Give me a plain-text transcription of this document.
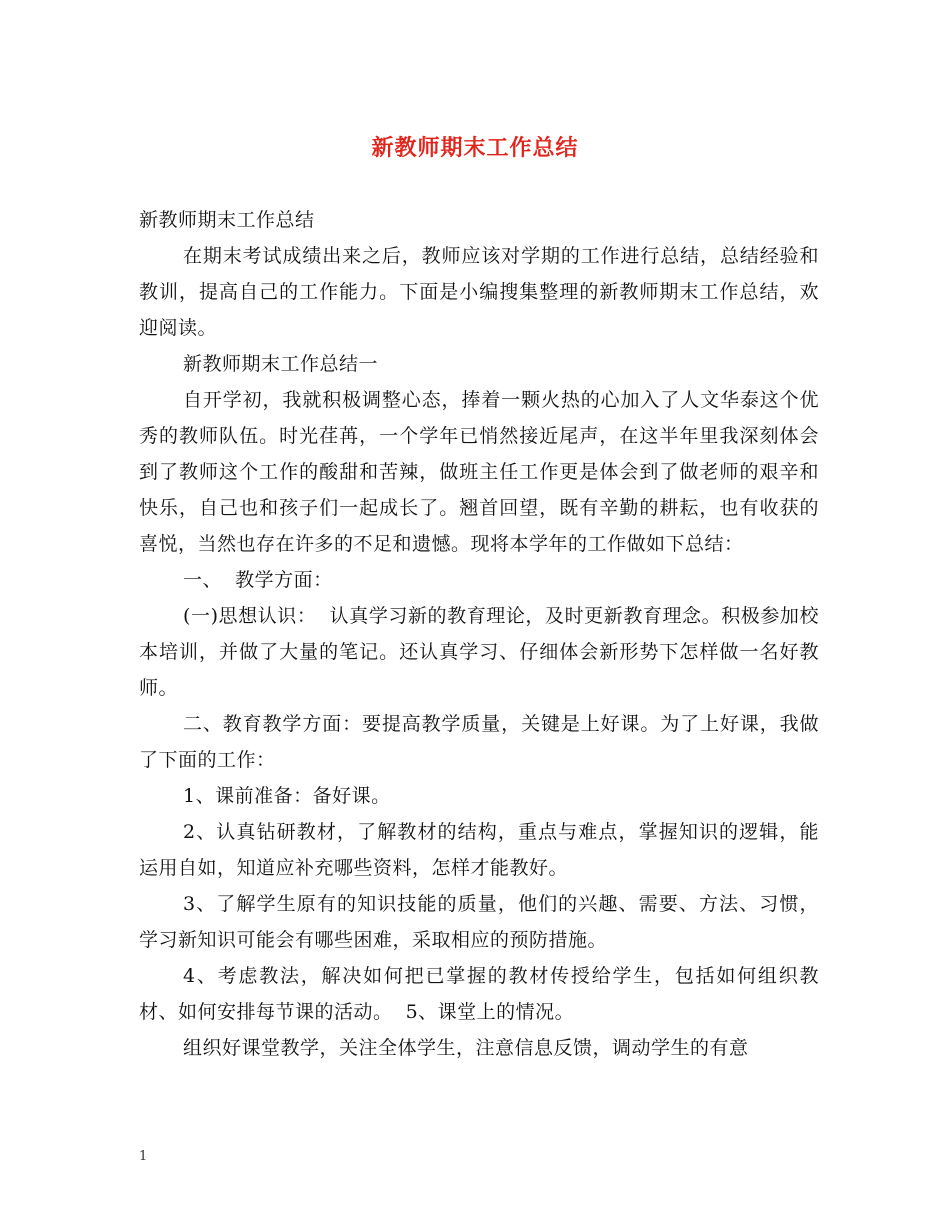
新教师期末工作总结

新教师期末工作总结

在期末考试成绩出来之后，教师应该对学期的工作进行总结，总结经验和教训，提高自己的工作能力。下面是小编搜集整理的新教师期末工作总结，欢迎阅读。

新教师期末工作总结一

自开学初，我就积极调整心态，捧着一颗火热的心加入了人文华泰这个优秀的教师队伍。时光荏苒，一个学年已悄然接近尾声，在这半年里我深刻体会到了教师这个工作的酸甜和苦辣，做班主任工作更是体会到了做老师的艰辛和快乐，自己也和孩子们一起成长了。翘首回望，既有辛勤的耕耘，也有收获的喜悦，当然也存在许多的不足和遗憾。现将本学年的工作做如下总结：

一、  教学方面：

(一)思想认识：  认真学习新的教育理论，及时更新教育理念。积极参加校本培训，并做了大量的笔记。还认真学习、仔细体会新形势下怎样做一名好教师。

二、教育教学方面：要提高教学质量，关键是上好课。为了上好课，我做了下面的工作：

1、课前准备：备好课。

2、认真钻研教材，了解教材的结构，重点与难点，掌握知识的逻辑，能运用自如，知道应补充哪些资料，怎样才能教好。

3、了解学生原有的知识技能的质量，他们的兴趣、需要、方法、习惯，学习新知识可能会有哪些困难，采取相应的预防措施。

4、考虑教法，解决如何把已掌握的教材传授给学生，包括如何组织教材、如何安排每节课的活动。  5、课堂上的情况。

组织好课堂教学，关注全体学生，注意信息反馈，调动学生的有意

1
